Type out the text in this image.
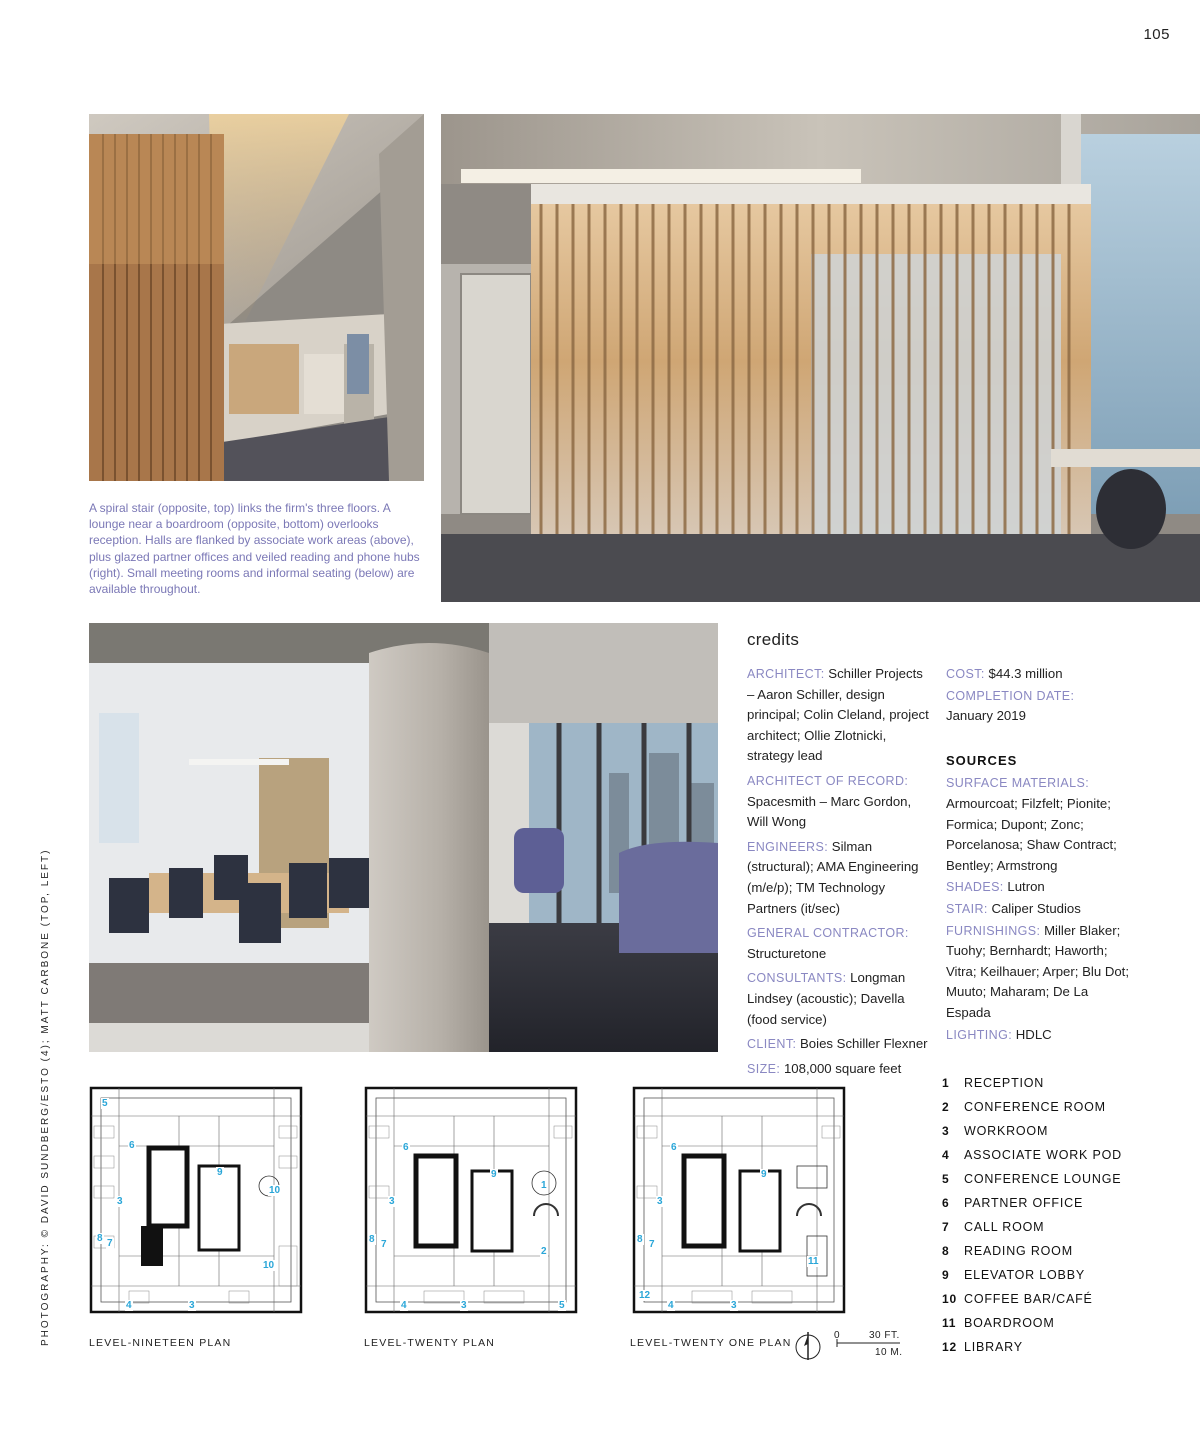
105
PHOTOGRAPHY: © DAVID SUNDBERG/ESTO (4); MATT CARBONE (TOP, LEFT)
A spiral stair (opposite, top) links the firm's three floors. A lounge near a boardroom (opposite, bottom) overlooks reception. Halls are flanked by associate work areas (above), plus glazed partner offices and veiled reading and phone hubs (right). Small meeting rooms and informal seating (below) are available throughout.
credits
ARCHITECT: Schiller Projects – Aaron Schiller, design principal; Colin Cleland, project architect; Ollie Zlotnicki, strategy lead
ARCHITECT OF RECORD: Spacesmith – Marc Gordon, Will Wong
ENGINEERS: Silman (structural); AMA Engineering (m/e/p); TM Technology Partners (it/sec)
GENERAL CONTRACTOR: Structuretone
CONSULTANTS: Longman Lindsey (acoustic); Davella (food service)
CLIENT: Boies Schiller Flexner
SIZE: 108,000 square feet
COST: $44.3 million
COMPLETION DATE:
January 2019
SOURCES
SURFACE MATERIALS: Armourcoat; Filzfelt; Pionite; Formica; Dupont; Zonc; Porcelanosa; Shaw Contract; Bentley; Armstrong
SHADES: Lutron
STAIR: Caliper Studios
FURNISHINGS: Miller Blaker; Tuohy; Bernhardt; Haworth; Vitra; Keilhauer; Arper; Blu Dot; Muuto; Maharam; De La Espada
LIGHTING: HDLC
5
6
9
10
3
8 7
10
4	3
6
9
1
3
8 7
2
4	3	5
6
9
3
8 7
11
12
4	3
LEVEL-NINETEEN PLAN	LEVEL-TWENTY PLAN	LEVEL-TWENTY ONE PLAN
0	30 FT.
10 M.
1	RECEPTION
2	CONFERENCE ROOM
3	WORKROOM
4	ASSOCIATE WORK POD
5	CONFERENCE LOUNGE
6	PARTNER OFFICE
7	CALL ROOM
8	READING ROOM
9	ELEVATOR LOBBY
10 COFFEE BAR/CAFÉ
11 BOARDROOM
12 LIBRARY
